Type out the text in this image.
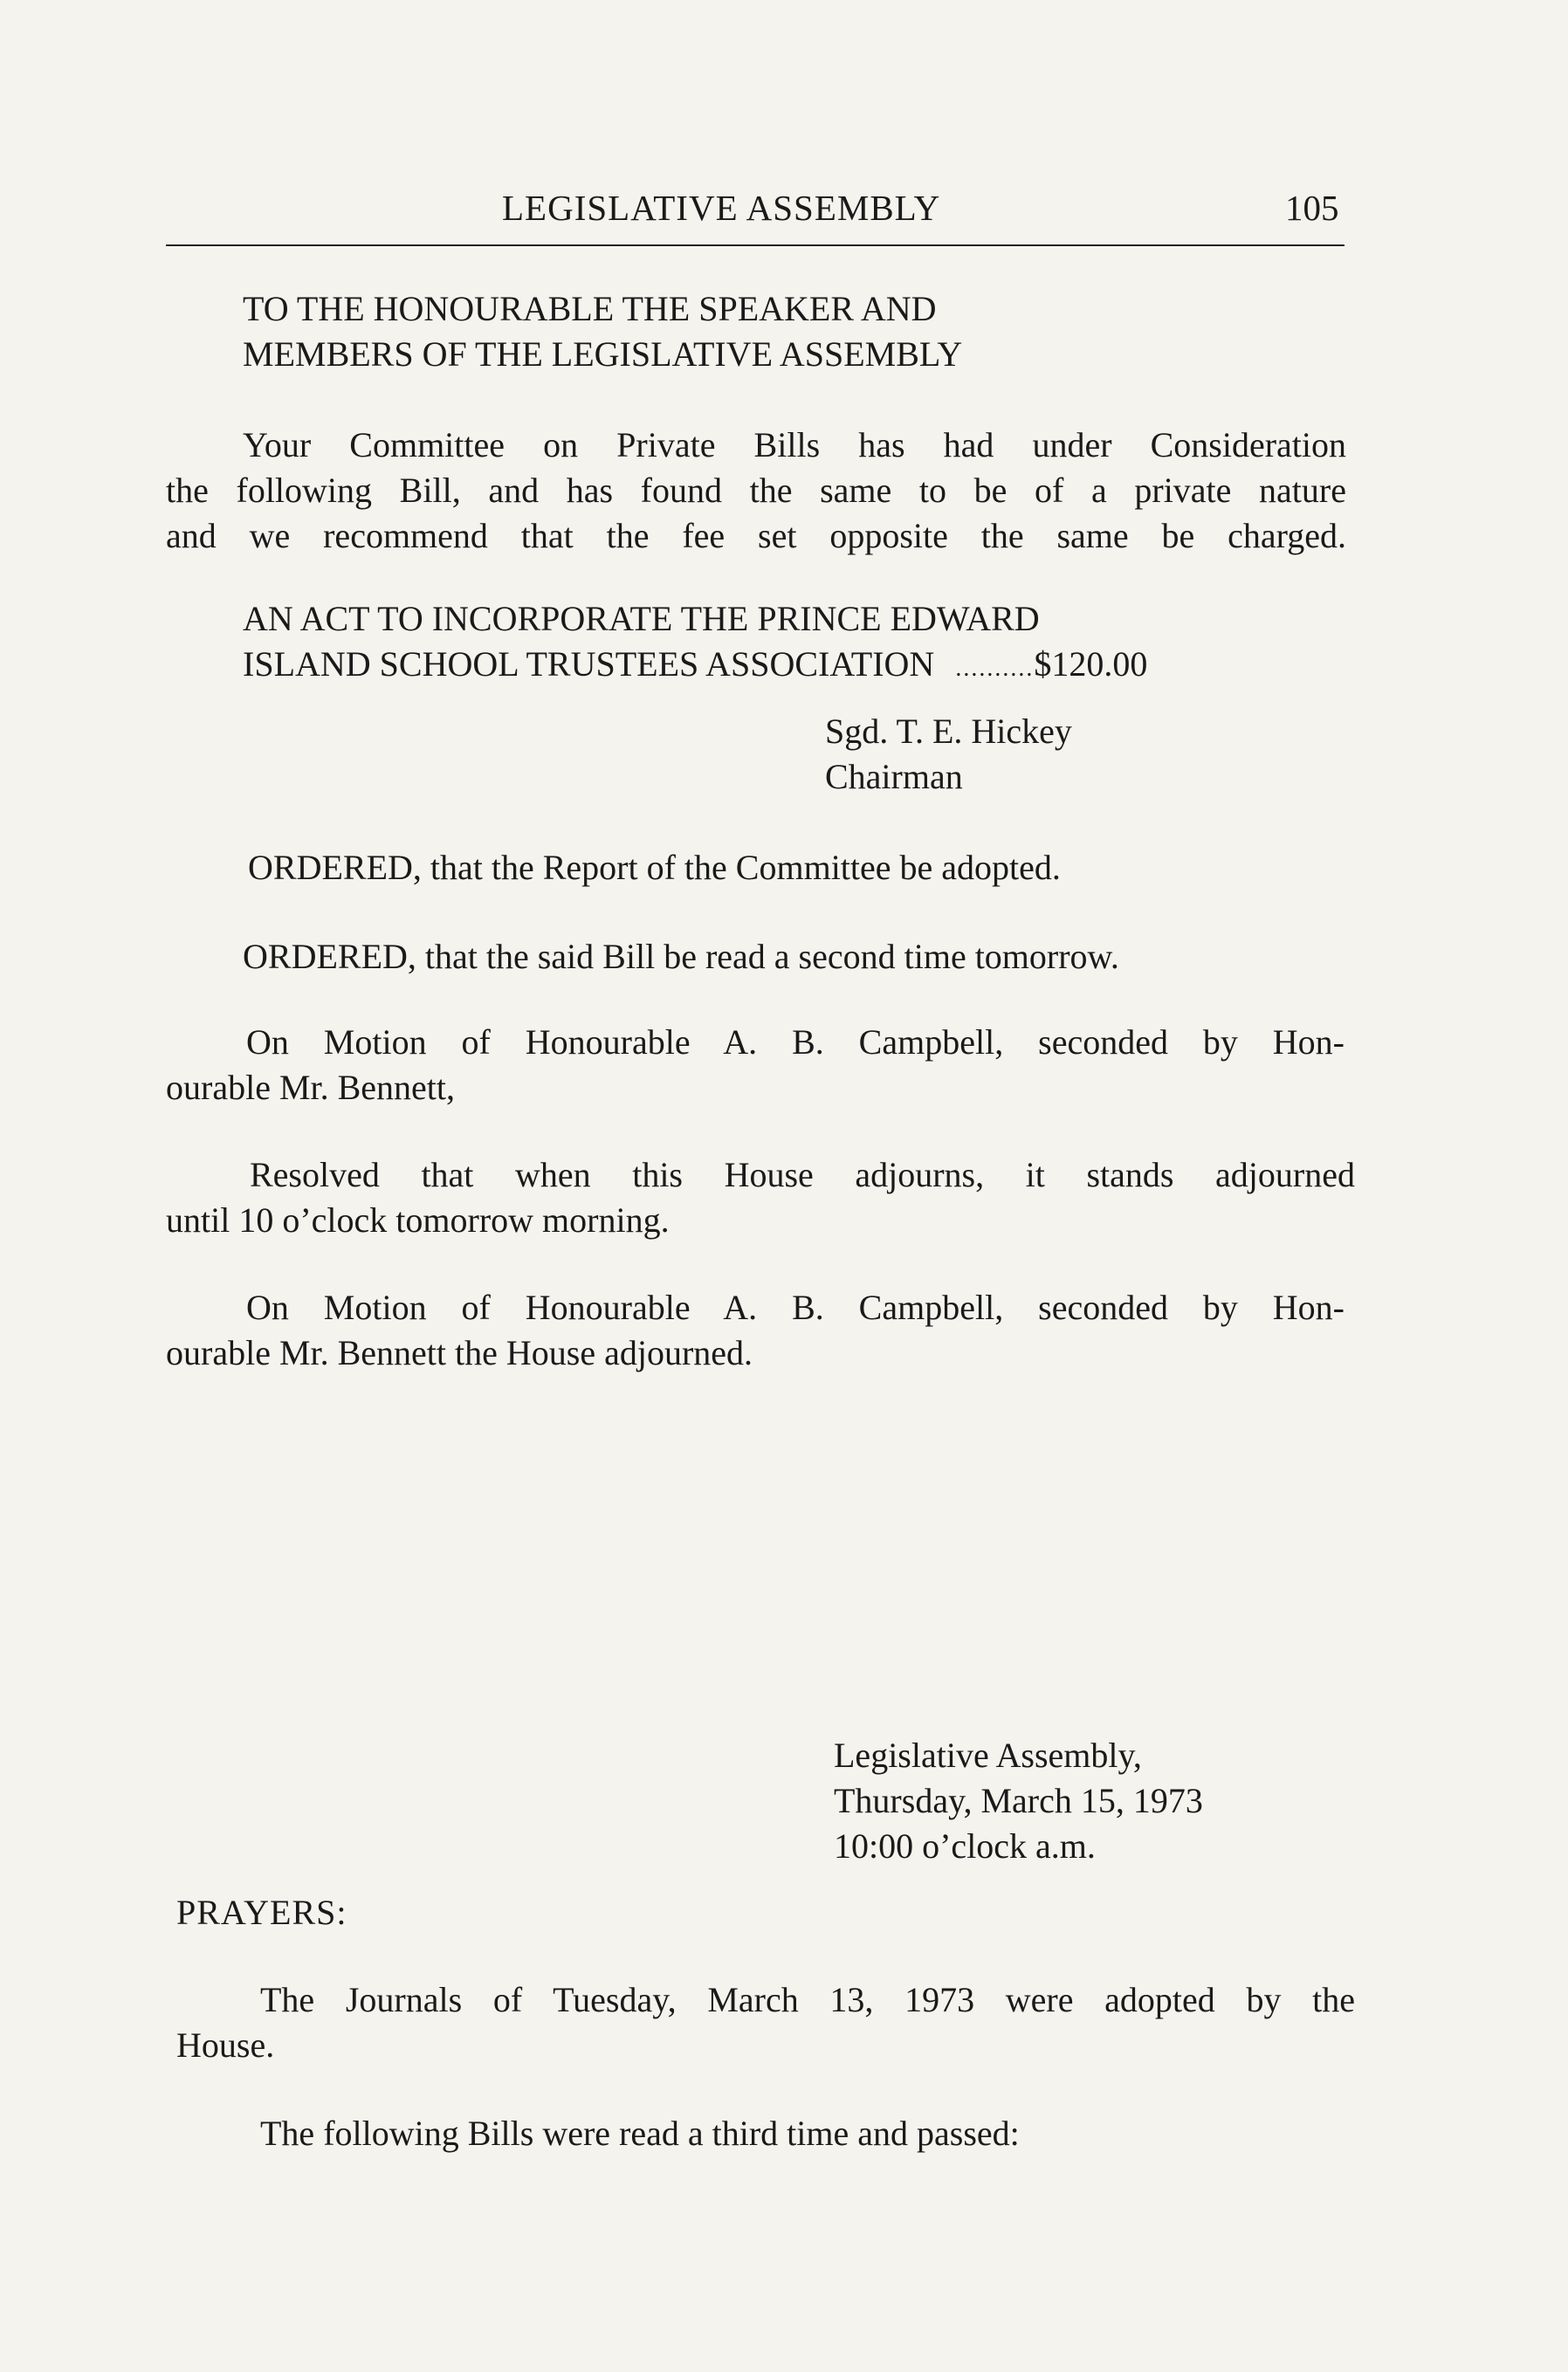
LEGISLATIVE ASSEMBLY	105
TO THE HONOURABLE THE SPEAKER AND
MEMBERS OF THE LEGISLATIVE ASSEMBLY
Your Committee on Private Bills has had under Consideration
the following Bill, and has found the same to be of a private nature
and we recommend that the fee set opposite the same be charged.
AN ACT TO INCORPORATE THE PRINCE EDWARD
ISLAND SCHOOL TRUSTEES ASSOCIATION ..........$120.00
Sgd. T. E. Hickey
Chairman
ORDERED, that the Report of the Committee be adopted.
ORDERED, that the said Bill be read a second time tomorrow.
On Motion of Honourable A. B. Campbell, seconded by Hon-
ourable Mr. Bennett,
Resolved that when this House adjourns, it stands adjourned
until 10 o’clock tomorrow morning.
On Motion of Honourable A. B. Campbell, seconded by Hon-
ourable Mr. Bennett the House adjourned.
Legislative Assembly,
Thursday, March 15, 1973
10:00 o’clock a.m.
PRAYERS:
The Journals of Tuesday, March 13, 1973 were adopted by the
House.
The following Bills were read a third time and passed:
